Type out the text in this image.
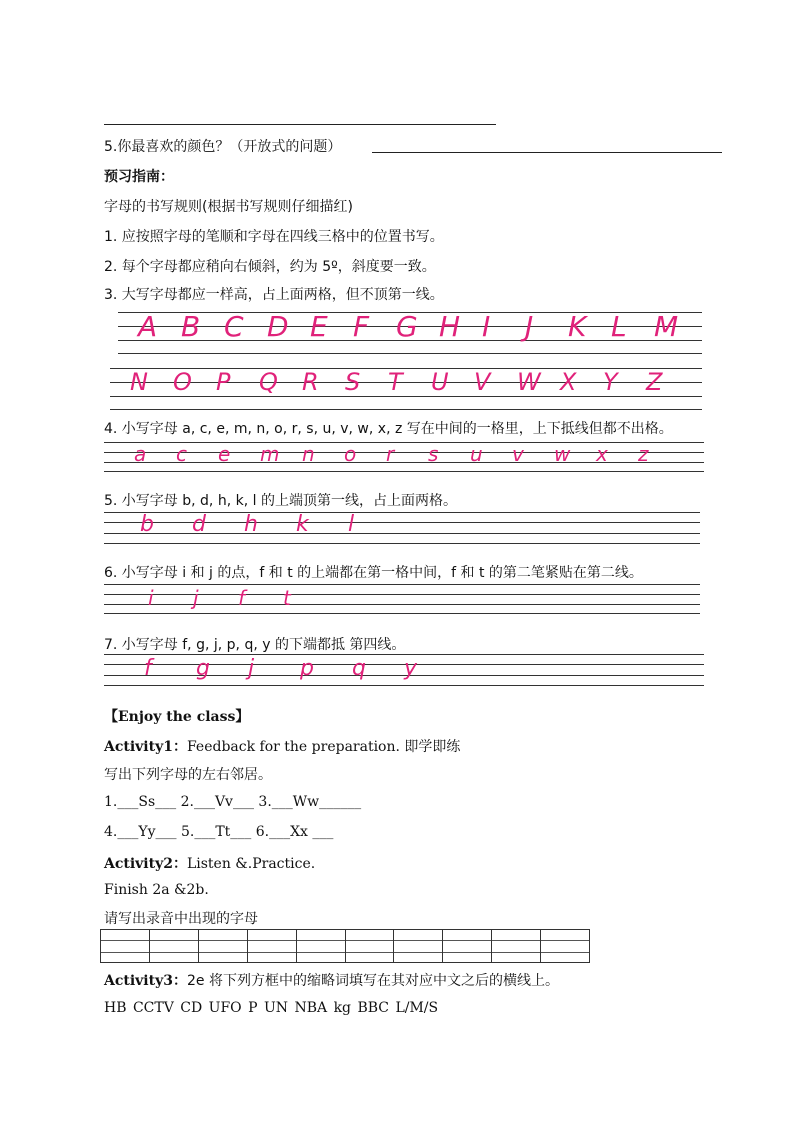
5.你最喜欢的颜色？（开放式的问题）
预习指南：
字母的书写规则(根据书写规则仔细描红)
1. 应按照字母的笔顺和字母在四线三格中的位置书写。
2. 每个字母都应稍向右倾斜，约为 5º，斜度要一致。
3. 大写字母都应一样高，占上面两格，但不顶第一线。
A B C D E F G H I J K L M
N O P Q R S T U V W X Y Z
4. 小写字母 a, c, e, m, n, o, r, s, u, v, w, x, z 写在中间的一格里，上下抵线但都不出格。
a c e m n o r s u v w x z
5. 小写字母 b, d, h, k, l 的上端顶第一线，占上面两格。
b d h k l
6. 小写字母 i 和 j 的点，f 和 t 的上端都在第一格中间，f 和 t 的第二笔紧贴在第二线。
i j f t
7. 小写字母 f, g, j, p, q, y 的下端都抵 第四线。
f g j p q y
【Enjoy the class】
Activity1：Feedback for the preparation. 即学即练
写出下列字母的左右邻居。
1.___Ss___ 2.___Vv___ 3.___Ww______
4.___Yy___ 5.___Tt___ 6.___Xx ___
Activity2：Listen &.Practice.
Finish 2a &2b.
请写出录音中出现的字母
Activity3：2e 将下列方框中的缩略词填写在其对应中文之后的横线上。
HB CCTV CD UFO P UN NBA kg BBC L/M/S
